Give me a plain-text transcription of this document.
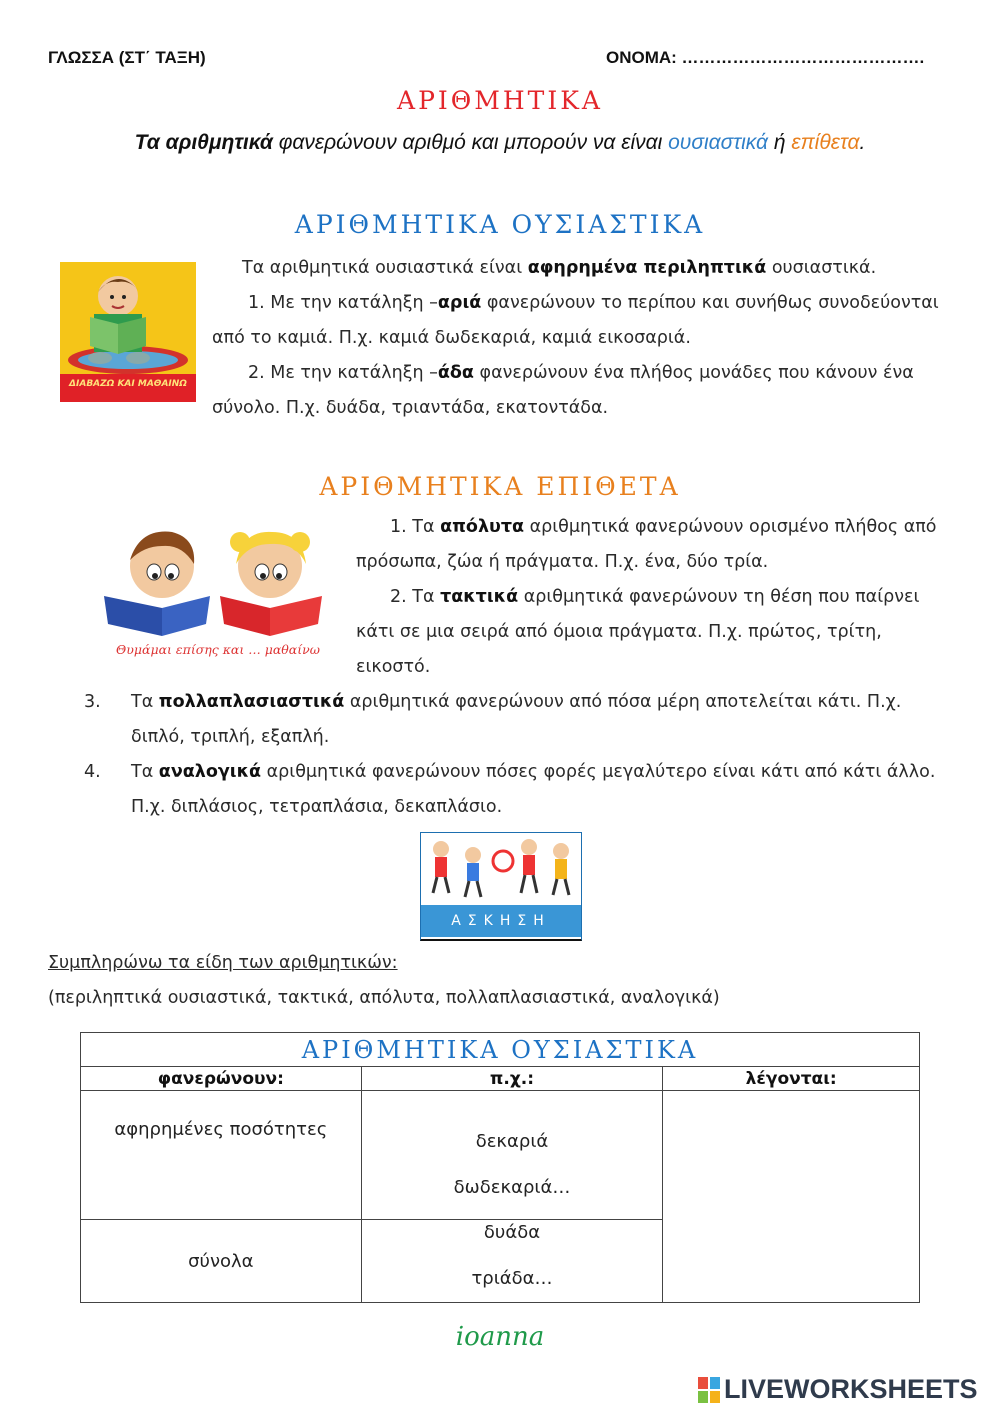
ΓΛΩΣΣΑ (ΣΤ΄ ΤΑΞΗ)	ΟΝΟΜΑ: …………………………………….
ΑΡΙΘΜΗΤΙΚΑ
Τα αριθμητικά φανερώνουν αριθμό και μπορούν να είναι ουσιαστικά ή επίθετα.
ΑΡΙΘΜΗΤΙΚΑ ΟΥΣΙΑΣΤΙΚΑ
ΔΙΑΒΑΖΩ ΚΑΙ ΜΑΘΑΙΝΩ
Τα αριθμητικά ουσιαστικά είναι αφηρημένα περιληπτικά ουσιαστικά.
1. Με την κατάληξη –αριά φανερώνουν το περίπου και συνήθως συνοδεύονται
από το καμιά. Π.χ. καμιά δωδεκαριά, καμιά εικοσαριά.
2. Με την κατάληξη –άδα φανερώνουν ένα πλήθος μονάδες που κάνουν ένα
σύνολο. Π.χ. δυάδα, τριαντάδα, εκατοντάδα.
ΑΡΙΘΜΗΤΙΚΑ ΕΠΙΘΕΤΑ
Θυμάμαι επίσης και … μαθαίνω
1. Τα απόλυτα αριθμητικά φανερώνουν ορισμένο πλήθος από
πρόσωπα, ζώα ή πράγματα. Π.χ. ένα, δύο τρία.
2. Τα τακτικά αριθμητικά φανερώνουν τη θέση που παίρνει
κάτι σε μια σειρά από όμοια πράγματα. Π.χ. πρώτος, τρίτη,
εικοστό.
3. Τα πολλαπλασιαστικά αριθμητικά φανερώνουν από πόσα μέρη αποτελείται κάτι. Π.χ.
διπλό, τριπλή, εξαπλή.
4. Τα αναλογικά αριθμητικά φανερώνουν πόσες φορές μεγαλύτερο είναι κάτι από κάτι άλλο.
Π.χ. διπλάσιος, τετραπλάσια, δεκαπλάσιο.
ΑΣΚΗΣΗ
Συμπληρώνω τα είδη των αριθμητικών:
(περιληπτικά ουσιαστικά, τακτικά, απόλυτα, πολλαπλασιαστικά, αναλογικά)
ΑΡΙΘΜΗΤΙΚΑ ΟΥΣΙΑΣΤΙΚΑ		
φανερώνουν:	π.χ.:	λέγονται:
αφηρημένες ποσότητες	δεκαριά
δωδεκαριά…	

σύνολα	δυάδα
τριάδα…	
ioanna
LIVEWORKSHEETS
